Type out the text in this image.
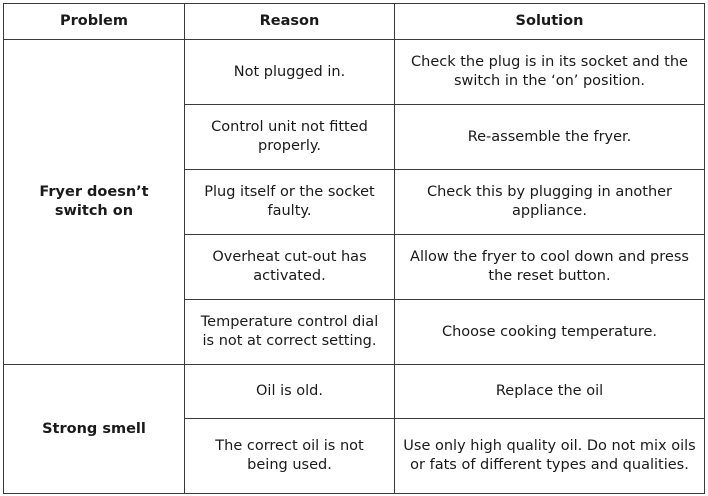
Problem	Reason	Solution
Fryer doesn’t switch on	Not plugged in.	Check the plug is in its socket and the switch in the ‘on’ position.
	Control unit not fitted properly.	Re-assemble the fryer.
	Plug itself or the socket faulty.	Check this by plugging in another appliance.
	Overheat cut-out has activated.	Allow the fryer to cool down and press the reset button.
	Temperature control dial is not at correct setting.	Choose cooking temperature.
Strong smell	Oil is old.	Replace the oil
	The correct oil is not being used.	Use only high quality oil. Do not mix oils or fats of different types and qualities.
